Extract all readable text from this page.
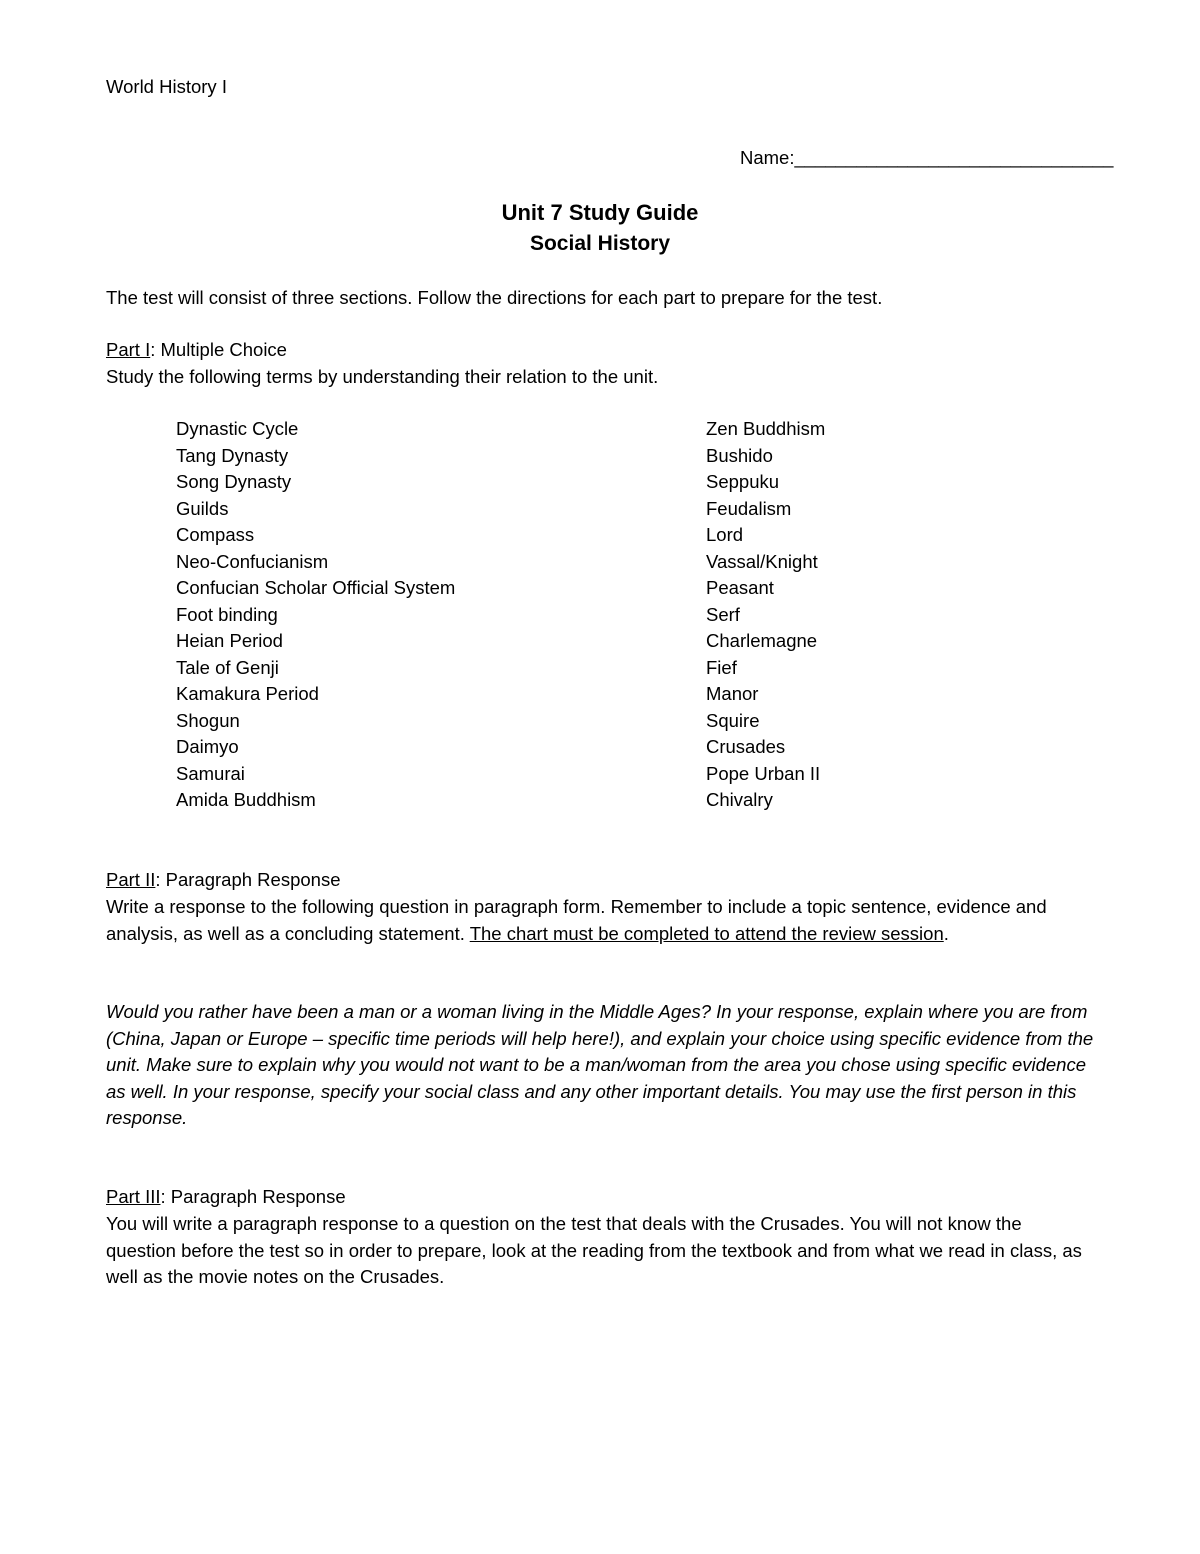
World History I

Name:_______________________________

Unit 7 Study Guide
Social History

The test will consist of three sections. Follow the directions for each part to prepare for the test.

Part I: Multiple Choice

Study the following terms by understanding their relation to the unit.

Dynastic Cycle	Zen Buddhism
Tang Dynasty	Bushido
Song Dynasty	Seppuku
Guilds	Feudalism
Compass	Lord
Neo-Confucianism	Vassal/Knight
Confucian Scholar Official System	Peasant
Foot binding	Serf
Heian Period	Charlemagne
Tale of Genji	Fief
Kamakura Period	Manor
Shogun	Squire
Daimyo	Crusades
Samurai	Pope Urban II
Amida Buddhism	Chivalry

Part II: Paragraph Response

Write a response to the following question in paragraph form. Remember to include a topic sentence, evidence and analysis, as well as a concluding statement. The chart must be completed to attend the review session.

Would you rather have been a man or a woman living in the Middle Ages? In your response, explain where you are from (China, Japan or Europe – specific time periods will help here!), and explain your choice using specific evidence from the unit. Make sure to explain why you would not want to be a man/woman from the area you chose using specific evidence as well. In your response, specify your social class and any other important details. You may use the first person in this response.

Part III: Paragraph Response

You will write a paragraph response to a question on the test that deals with the Crusades. You will not know the question before the test so in order to prepare, look at the reading from the textbook and from what we read in class, as well as the movie notes on the Crusades.
